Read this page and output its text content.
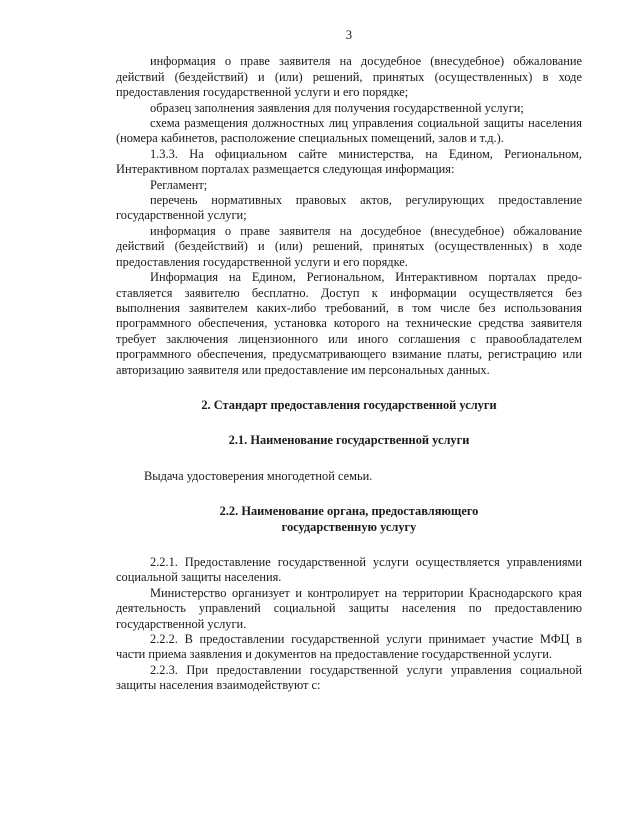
3

информация о праве заявителя на досудебное (внесудебное) обжалование действий (бездействий) и (или) решений, принятых (осуществленных) в ходе предоставления государственной услуги и его порядке;

образец заполнения заявления для получения государственной услуги;

схема размещения должностных лиц управления социальной защиты населения (номера кабинетов, расположение специальных помещений, залов и т.д.).

1.3.3. На официальном сайте министерства, на Едином, Региональном, Интерактивном порталах размещается следующая информация:

Регламент;

перечень нормативных правовых актов, регулирующих предоставление государственной услуги;

информация о праве заявителя на досудебное (внесудебное) обжалование действий (бездействий) и (или) решений, принятых (осуществленных) в ходе предоставления государственной услуги и его порядке.

Информация на Едином, Региональном, Интерактивном порталах предоставляется заявителю бесплатно. Доступ к информации осуществляется без выполнения заявителем каких-либо требований, в том числе без использования программного обеспечения, установка которого на технические средства заявителя требует заключения лицензионного или иного соглашения с правообладателем программного обеспечения, предусматривающего взимание платы, регистрацию или авторизацию заявителя или предоставление им персональных данных.

2. Стандарт предоставления государственной услуги
2.1. Наименование государственной услуги

Выдача удостоверения многодетной семьи.

2.2. Наименование органа, предоставляющего
государственную услугу

2.2.1. Предоставление государственной услуги осуществляется управлениями социальной защиты населения.

Министерство организует и контролирует на территории Краснодарского края деятельность управлений социальной защиты населения по предоставлению государственной услуги.

2.2.2. В предоставлении государственной услуги принимает участие МФЦ в части приема заявления и документов на предоставление государственной услуги.

2.2.3. При предоставлении государственной услуги управления социальной защиты населения взаимодействуют с:
